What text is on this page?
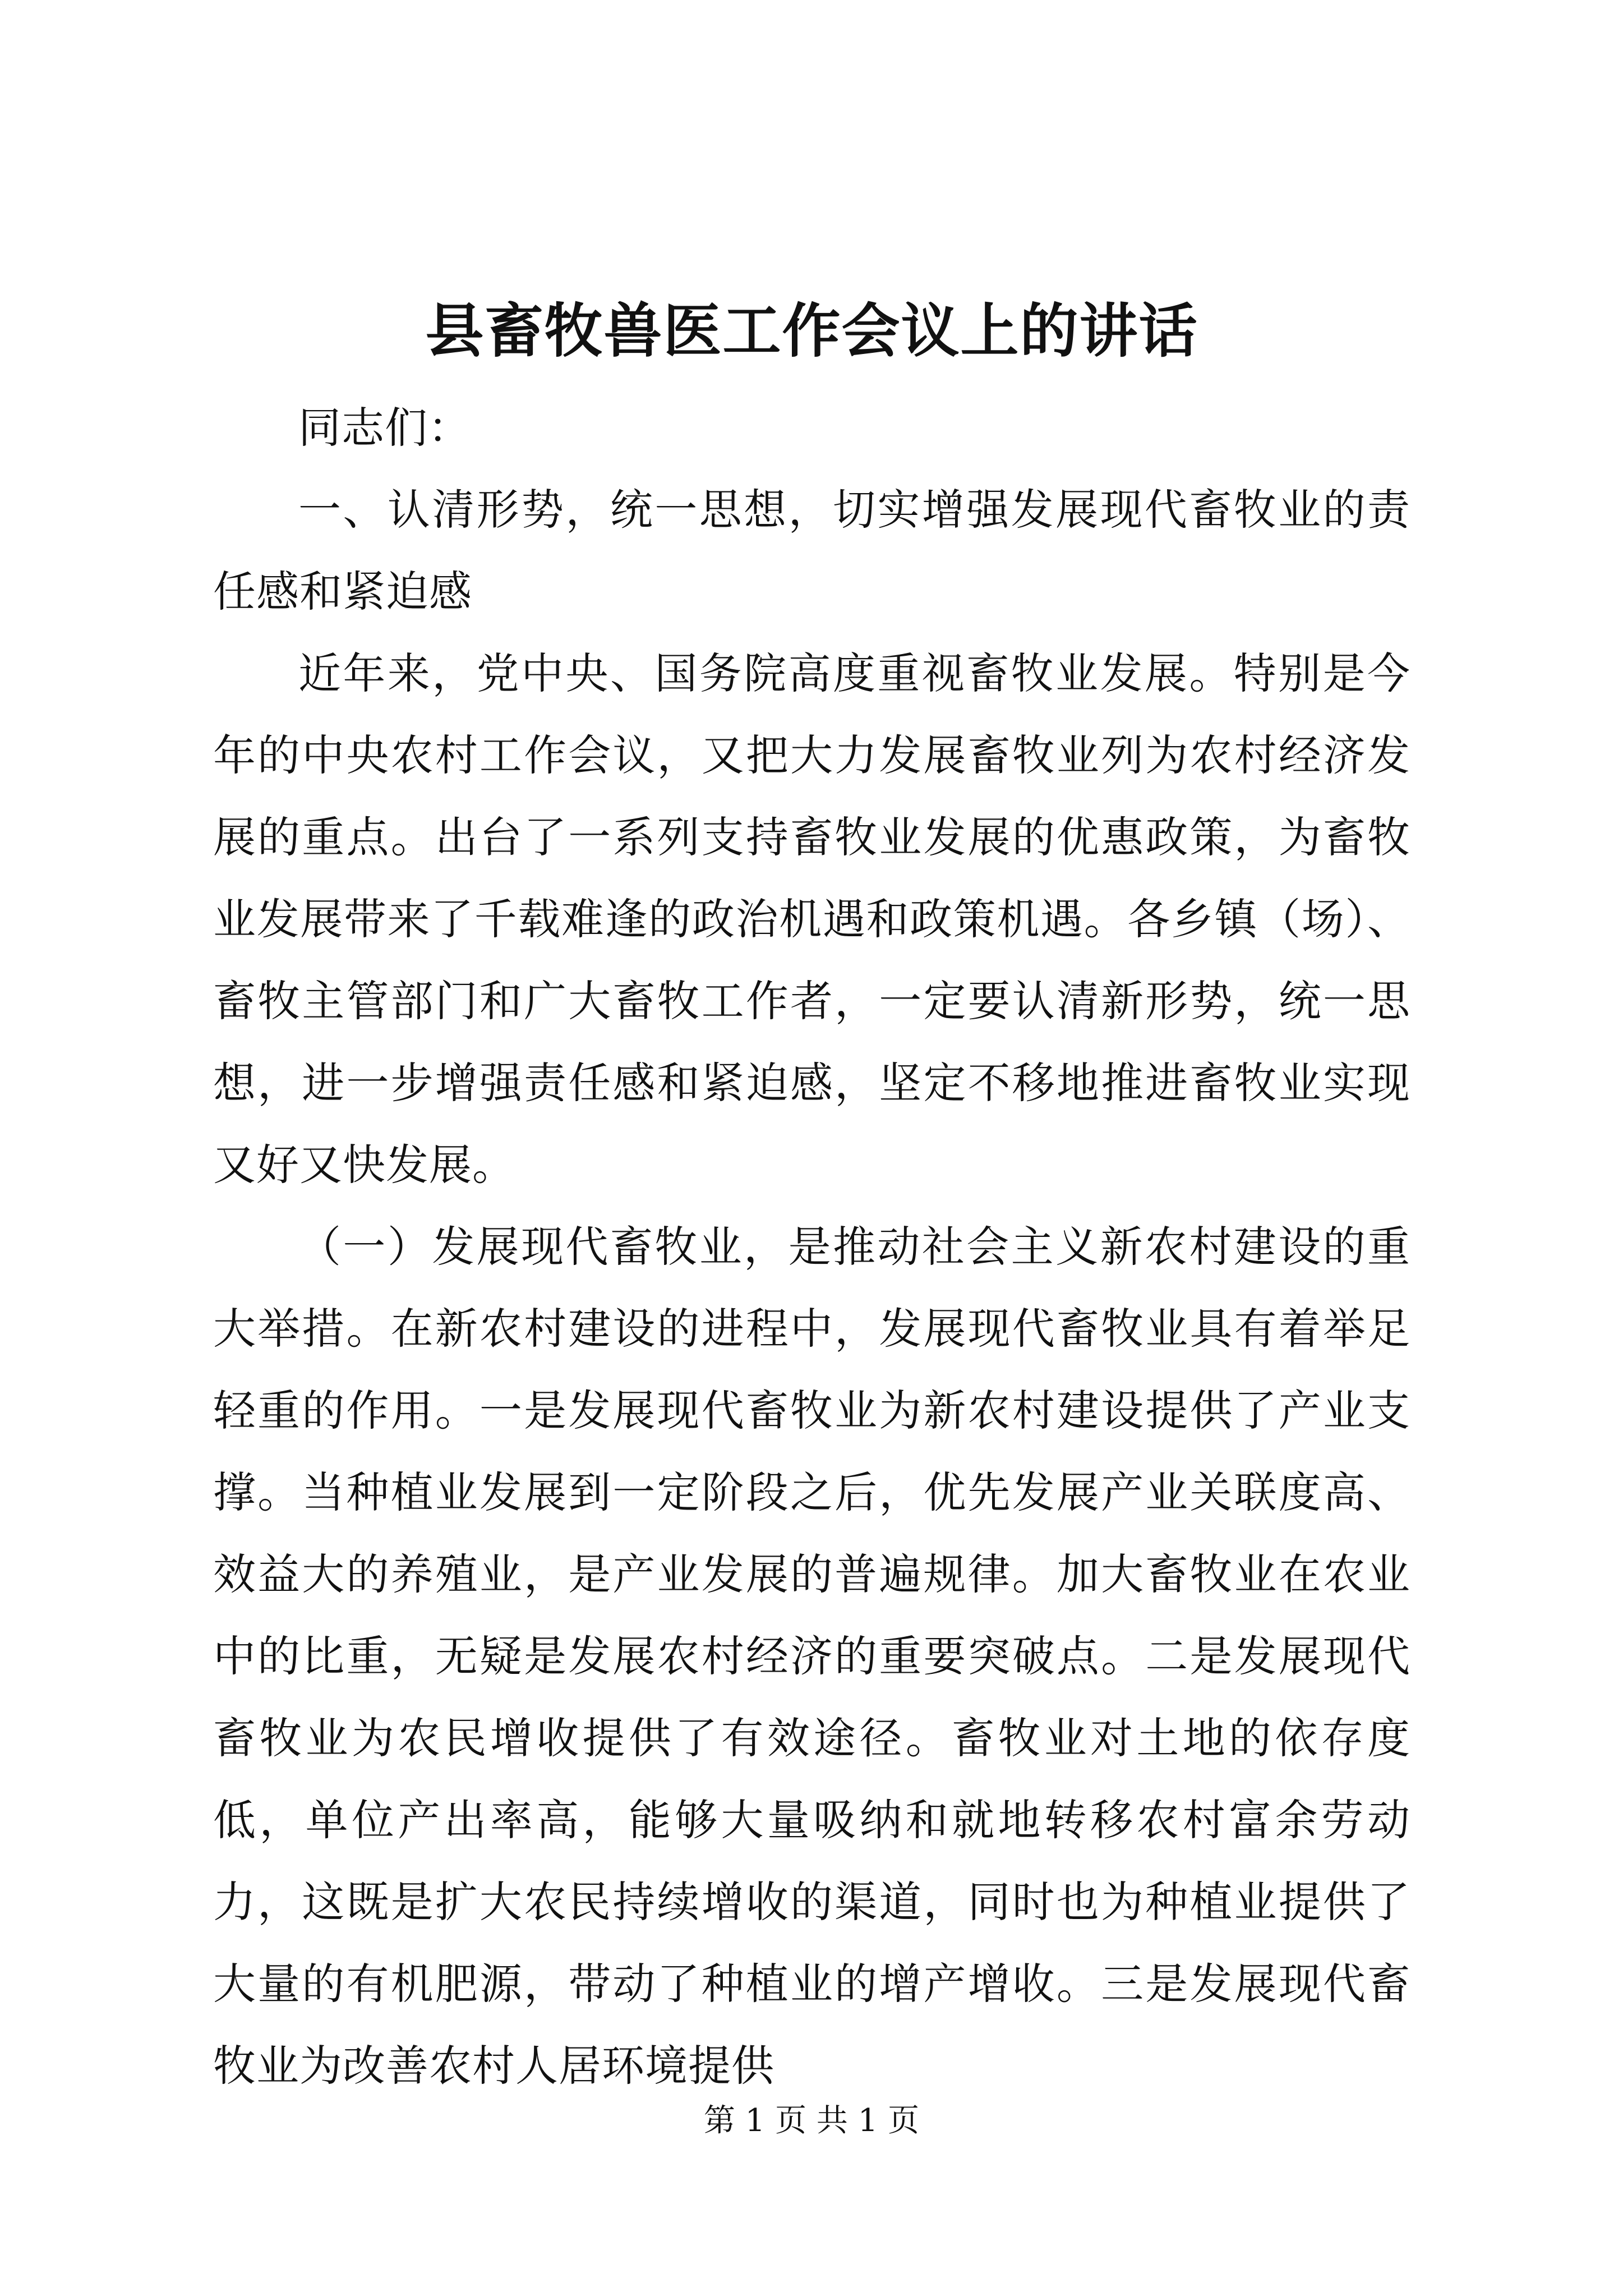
县畜牧兽医工作会议上的讲话

同志们：

一、认清形势，统一思想，切实增强发展现代畜牧业的责任感和紧迫感

近年来，党中央、国务院高度重视畜牧业发展。特别是今年的中央农村工作会议，又把大力发展畜牧业列为农村经济发展的重点。出台了一系列支持畜牧业发展的优惠政策，为畜牧业发展带来了千载难逢的政治机遇和政策机遇。各乡镇（场）、畜牧主管部门和广大畜牧工作者，一定要认清新形势，统一思想，进一步增强责任感和紧迫感，坚定不移地推进畜牧业实现又好又快发展。

（一）发展现代畜牧业，是推动社会主义新农村建设的重大举措。在新农村建设的进程中，发展现代畜牧业具有着举足轻重的作用。一是发展现代畜牧业为新农村建设提供了产业支撑。当种植业发展到一定阶段之后，优先发展产业关联度高、效益大的养殖业，是产业发展的普遍规律。加大畜牧业在农业中的比重，无疑是发展农村经济的重要突破点。二是发展现代畜牧业为农民增收提供了有效途径。畜牧业对土地的依存度低，单位产出率高，能够大量吸纳和就地转移农村富余劳动力，这既是扩大农民持续增收的渠道，同时也为种植业提供了大量的有机肥源，带动了种植业的增产增收。三是发展现代畜牧业为改善农村人居环境提供

第 1 页 共 1 页
